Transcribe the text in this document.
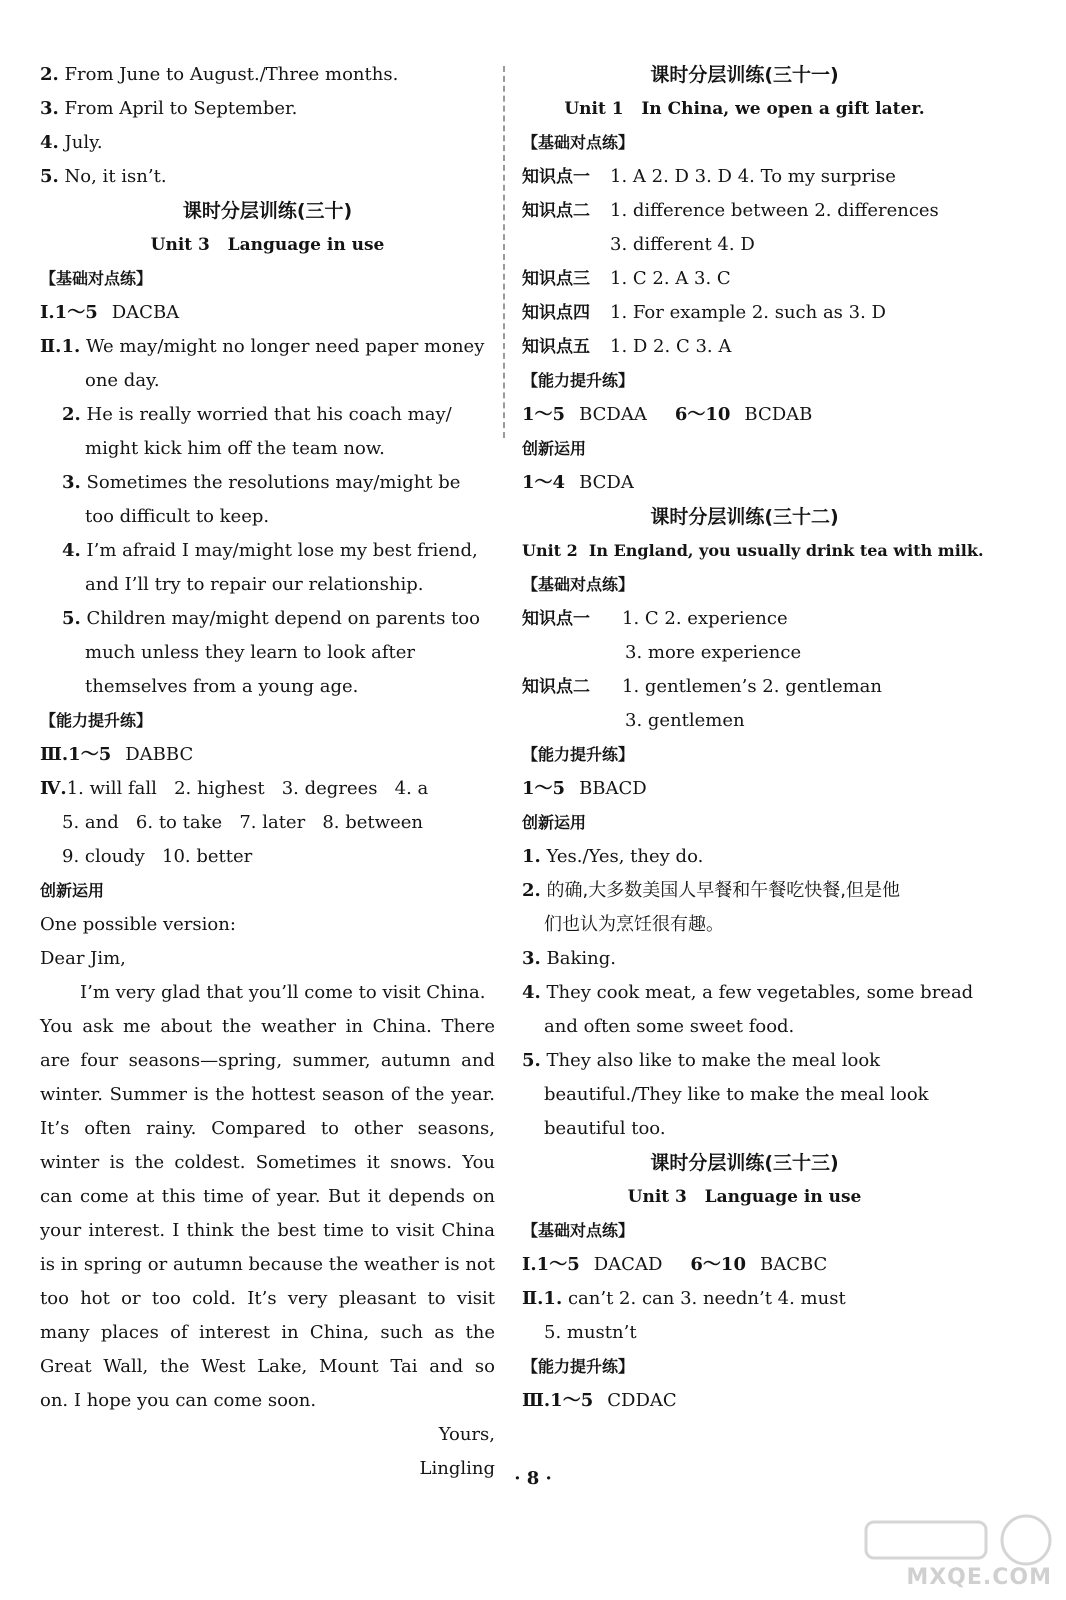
2. From June to August./Three months.
3. From April to September.
4. July.
5. No, it isn’t.
课时分层训练(三十)
Unit 3 Language in use
【基础对点练】
Ⅰ.1～5 DACBA
Ⅱ.1. We may/might no longer need paper money
one day.
2. He is really worried that his coach may/
might kick him off the team now.
3. Sometimes the resolutions may/might be
too difficult to keep.
4. I’m afraid I may/might lose my best friend,
and I’ll try to repair our relationship.
5. Children may/might depend on parents too
much unless they learn to look after
themselves from a young age.
【能力提升练】
Ⅲ.1～5 DABBC
Ⅳ.1. will fall 2. highest 3. degrees 4. a
5. and 6. to take 7. later 8. between
9. cloudy 10. better
创新运用
One possible version:
Dear Jim,
I’m very glad that you’ll come to visit China.
You ask me about the weather in China. There
are four seasons—spring, summer, autumn and
winter. Summer is the hottest season of the year.
It’s often rainy. Compared to other seasons,
winter is the coldest. Sometimes it snows. You
can come at this time of year. But it depends on
your interest. I think the best time to visit China
is in spring or autumn because the weather is not
too hot or too cold. It’s very pleasant to visit
many places of interest in China, such as the
Great Wall, the West Lake, Mount Tai and so
on. I hope you can come soon.
Yours,
Lingling
课时分层训练(三十一)
Unit 1 In China, we open a gift later.
【基础对点练】
知识点一 1. A 2. D 3. D 4. To my surprise
知识点二 1. difference between 2. differences
3. different 4. D
知识点三 1. C 2. A 3. C
知识点四 1. For example 2. such as 3. D
知识点五 1. D 2. C 3. A
【能力提升练】
1～5 BCDAA 6～10 BCDAB
创新运用
1～4 BCDA
课时分层训练(三十二)
Unit 2 In England, you usually drink tea with milk.
【基础对点练】
知识点一 1. C 2. experience
3. more experience
知识点二 1. gentlemen’s 2. gentleman
3. gentlemen
【能力提升练】
1～5 BBACD
创新运用
1. Yes./Yes, they do.
2. 的确,大多数美国人早餐和午餐吃快餐,但是他
们也认为烹饪很有趣。
3. Baking.
4. They cook meat, a few vegetables, some bread
and often some sweet food.
5. They also like to make the meal look
beautiful./They like to make the meal look
beautiful too.
课时分层训练(三十三)
Unit 3 Language in use
【基础对点练】
Ⅰ.1～5 DACAD 6～10 BACBC
Ⅱ.1. can’t 2. can 3. needn’t 4. must
5. mustn’t
【能力提升练】
Ⅲ.1～5 CDDAC
· 8 ·
MXQE.COM
